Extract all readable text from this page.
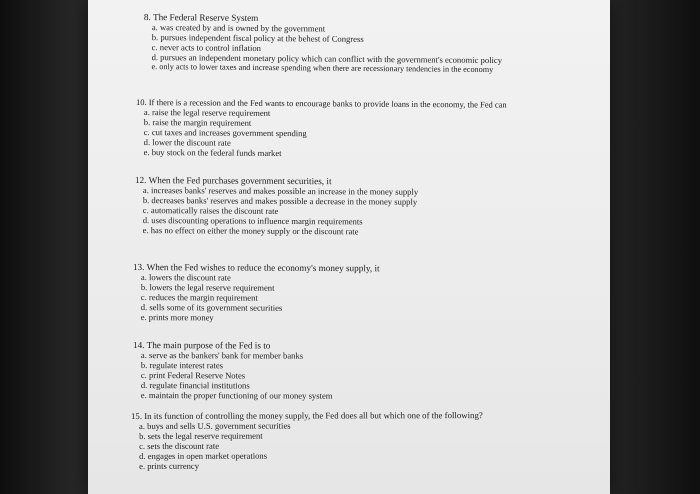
8. The Federal Reserve System
a. was created by and is owned by the government
b. pursues independent fiscal policy at the behest of Congress
c. never acts to control inflation
d. pursues an independent monetary policy which can conflict with the government's economic policy
e. only acts to lower taxes and increase spending when there are recessionary tendencies in the economy
10. If there is a recession and the Fed wants to encourage banks to provide loans in the economy, the Fed can
a. raise the legal reserve requirement
b. raise the margin requirement
c. cut taxes and increases government spending
d. lower the discount rate
e. buy stock on the federal funds market
12. When the Fed purchases government securities, it
a. increases banks' reserves and makes possible an increase in the money supply
b. decreases banks' reserves and makes possible a decrease in the money supply
c. automatically raises the discount rate
d. uses discounting operations to influence margin requirements
e. has no effect on either the money supply or the discount rate
13. When the Fed wishes to reduce the economy's money supply, it
a. lowers the discount rate
b. lowers the legal reserve requirement
c. reduces the margin requirement
d. sells some of its government securities
e. prints more money
14. The main purpose of the Fed is to
a. serve as the bankers' bank for member banks
b. regulate interest rates
c. print Federal Reserve Notes
d. regulate financial institutions
e. maintain the proper functioning of our money system
15. In its function of controlling the money supply, the Fed does all but which one of the following?
a. buys and sells U.S. government securities
b. sets the legal reserve requirement
c. sets the discount rate
d. engages in open market operations
e. prints currency
